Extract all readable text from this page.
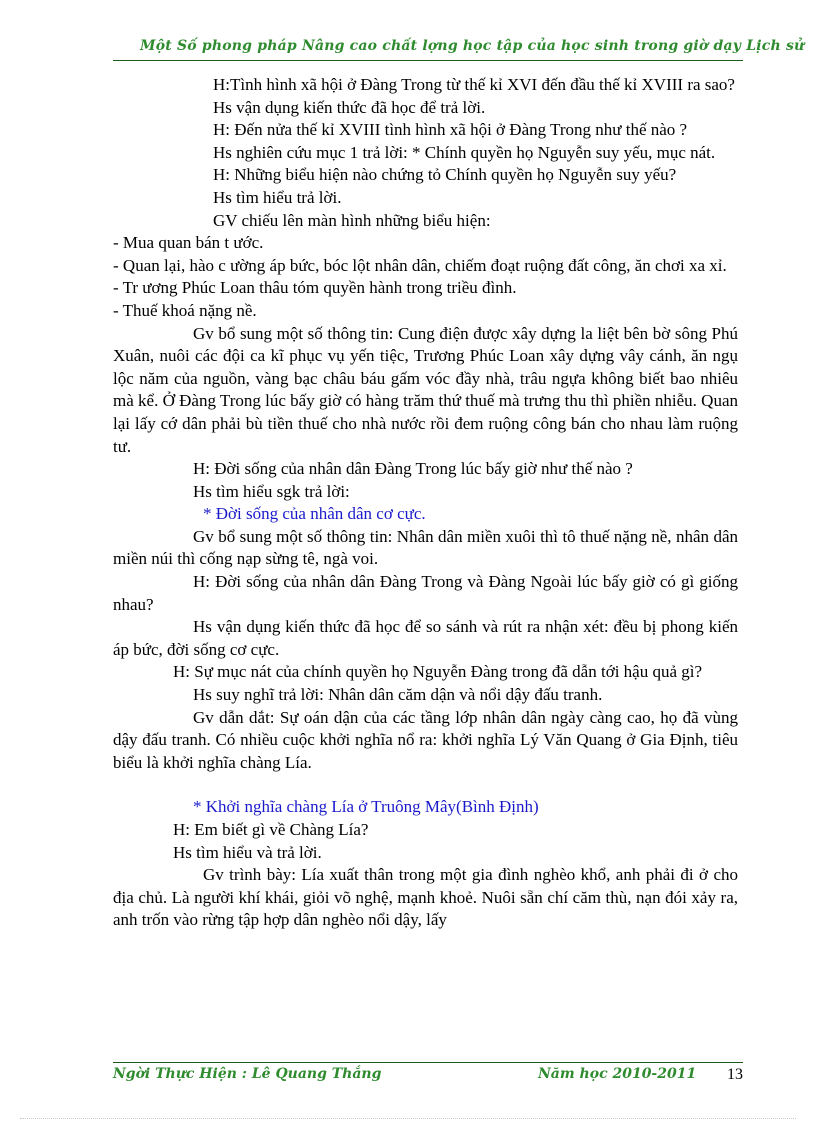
Một Số phong pháp Nâng cao chất lợng học tập của học sinh trong giờ dạy Lịch sử

H:Tình hình xã hội ở Đàng Trong từ thế kỉ XVI đến đầu thế kỉ XVIII ra sao?

Hs vận dụng kiến thức đã học để trả lời.

H: Đến nửa thế kỉ XVIII tình hình xã hội ở Đàng Trong như thế nào ?

Hs nghiên cứu mục 1 trả lời: * Chính quyền họ Nguyễn suy yếu, mục nát.

H: Những biểu hiện nào chứng tỏ Chính quyền họ Nguyễn suy yếu?

Hs tìm hiểu trả lời.

GV chiếu lên màn hình những biểu hiện:

- Mua quan bán t ước.

- Quan lại, hào c ường áp bức, bóc lột nhân dân, chiếm đoạt ruộng đất công, ăn chơi xa xỉ.

- Tr ương Phúc Loan thâu tóm quyền hành trong triều đình.

- Thuế khoá nặng nề.

Gv bổ sung một số thông tin: Cung điện được xây dựng la liệt bên bờ sông Phú Xuân, nuôi các đội ca kĩ phục vụ yến tiệc, Trương Phúc Loan xây dựng vây cánh, ăn ngụ lộc năm của nguồn, vàng bạc châu báu gấm vóc đầy nhà, trâu ngựa không biết bao nhiêu mà kể. Ở Đàng Trong lúc bấy giờ có hàng trăm thứ thuế mà trưng thu thì phiền nhiễu. Quan lại lấy cớ dân phải bù tiền thuế cho nhà nước rồi đem ruộng công bán cho nhau làm ruộng tư.

H: Đời sống của nhân dân Đàng Trong lúc bấy giờ như thế nào ?

Hs tìm hiểu sgk trả lời:

* Đời sống của nhân dân cơ cực.

Gv bổ sung một số thông tin: Nhân dân miền xuôi thì tô thuế nặng nề, nhân dân miền núi thì cống nạp sừng tê, ngà voi.

H: Đời sống của nhân dân Đàng Trong và Đàng Ngoài lúc bấy giờ có gì giống nhau?

Hs vận dụng kiến thức đã học để so sánh và rút ra nhận xét: đều bị phong kiến áp bức, đời sống cơ cực.

H: Sự mục nát của chính quyền họ Nguyễn Đàng trong đã dẫn tới hậu quả gì?

Hs suy nghĩ trả lời: Nhân dân căm dận và nổi dậy đấu tranh.

Gv dẫn dắt: Sự oán dận của các tầng lớp nhân dân ngày càng cao, họ đã vùng dậy đấu tranh. Có nhiều cuộc khởi nghĩa nổ ra: khởi nghĩa Lý Văn Quang ở Gia Định, tiêu biểu là khởi nghĩa chàng Lía.

* Khởi nghĩa chàng Lía ở Truông Mây(Bình Định)

H: Em biết gì về Chàng Lía?

Hs tìm hiểu và trả lời.

Gv trình bày: Lía xuất thân trong một gia đình nghèo khổ, anh phải đi ở cho địa chủ. Là người khí khái, giỏi võ nghệ, mạnh khoẻ. Nuôi sẵn chí căm thù, nạn đói xảy ra, anh trốn vào rừng tập hợp dân nghèo nổi dậy, lấy

Ngời Thực Hiện : Lê Quang Thắng	Năm học 2010-2011 13
